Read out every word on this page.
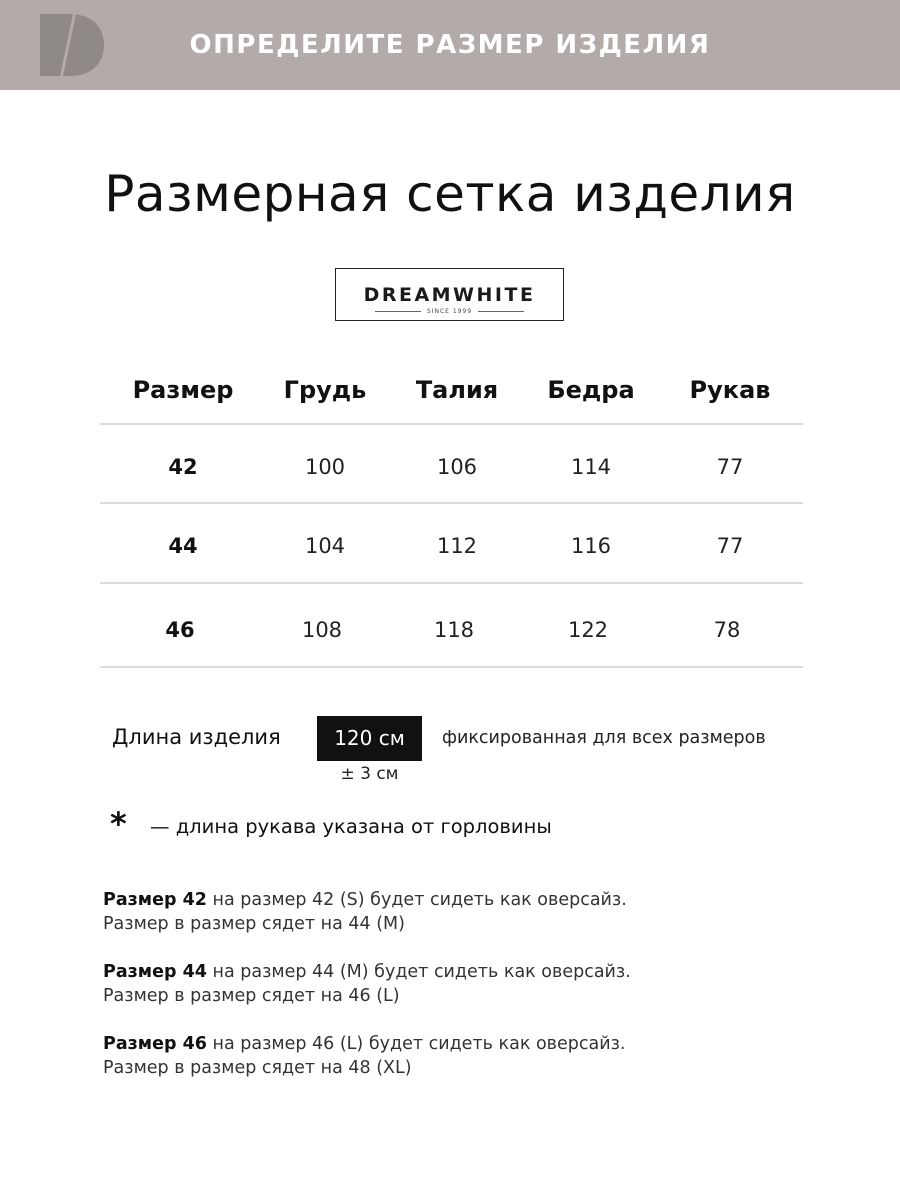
ОПРЕДЕЛИТЕ РАЗМЕР ИЗДЕЛИЯ
Размерная сетка изделия
DREAMWHITE
SINCE 1999
Размер	Грудь	Талия	Бедра	Рукав
42	100	106	114	77
44	104	112	116	77
46	108	118	122	78
Длина изделия	120 см
± 3 см
фиксированная для всех размеров
* — длина рукава указана от горловины
Размер 42 на размер 42 (S) будет сидеть как оверсайз.
Размер в размер сядет на 44 (M)
Размер 44 на размер 44 (M) будет сидеть как оверсайз.
Размер в размер сядет на 46 (L)
Размер 46 на размер 46 (L) будет сидеть как оверсайз.
Размер в размер сядет на 48 (XL)
